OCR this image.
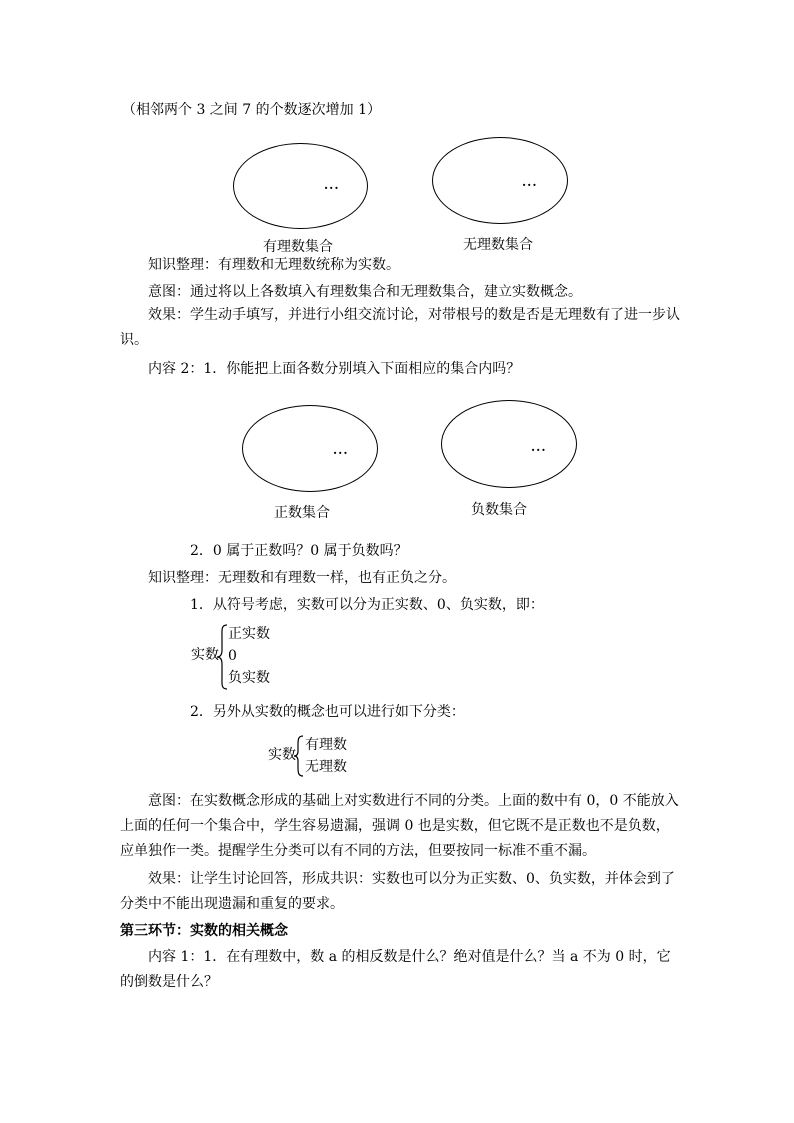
（相邻两个 3 之间 7 的个数逐次增加 1）
...	...
有理数集合	无理数集合
知识整理：有理数和无理数统称为实数。
意图：通过将以上各数填入有理数集合和无理数集合，建立实数概念。
效果：学生动手填写，并进行小组交流讨论，对带根号的数是否是无理数有了进一步认识。
内容 2：1．你能把上面各数分别填入下面相应的集合内吗？
...	...
正数集合	负数集合
2．0 属于正数吗？0 属于负数吗？
知识整理：无理数和有理数一样，也有正负之分。
1．从符号考虑，实数可以分为正实数、0、负实数，即：
实数
正实数
0
负实数
2．另外从实数的概念也可以进行如下分类：
实数
有理数
无理数
意图：在实数概念形成的基础上对实数进行不同的分类。上面的数中有 0，0 不能放入上面的任何一个集合中，学生容易遗漏，强调 0 也是实数，但它既不是正数也不是负数，应单独作一类。提醒学生分类可以有不同的方法，但要按同一标准不重不漏。
效果：让学生讨论回答，形成共识：实数也可以分为正实数、0、负实数，并体会到了分类中不能出现遗漏和重复的要求。
第三环节：实数的相关概念
内容 1：1．在有理数中，数 a 的相反数是什么？绝对值是什么？当 a 不为 0 时，它的倒数是什么？
